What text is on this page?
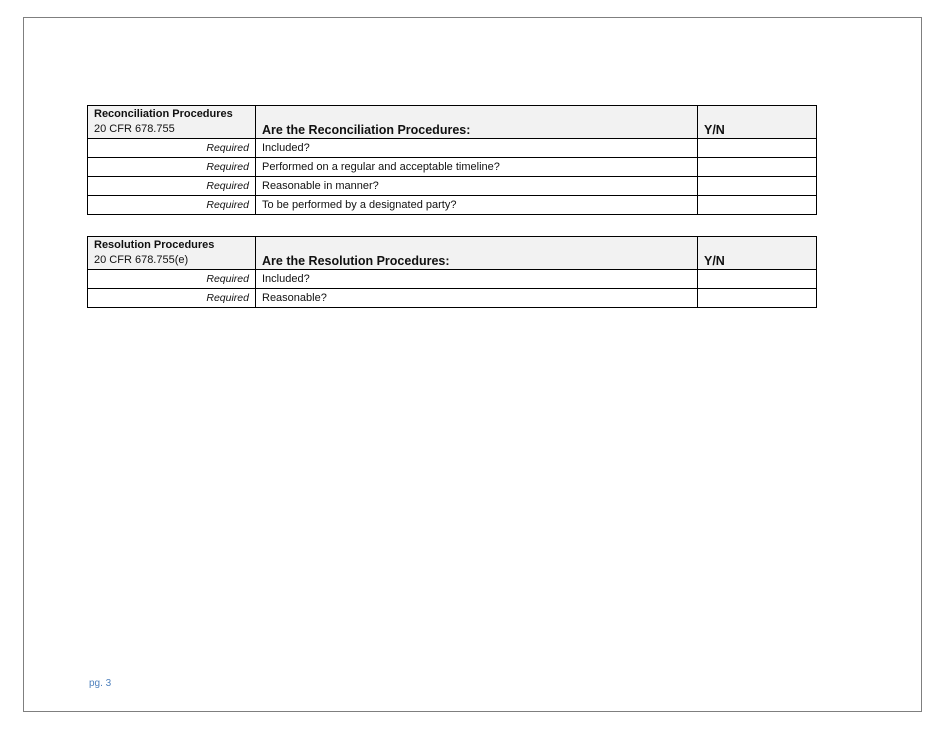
Reconciliation Procedures
20 CFR 678.755	Are the Reconciliation Procedures:	Y/N
Required	Included?	
Required	Performed on a regular and acceptable timeline?	
Required	Reasonable in manner?	
Required	To be performed by a designated party?	
Resolution Procedures
20 CFR 678.755(e)	Are the Resolution Procedures:	Y/N
Required	Included?	
Required	Reasonable?	
pg. 3
